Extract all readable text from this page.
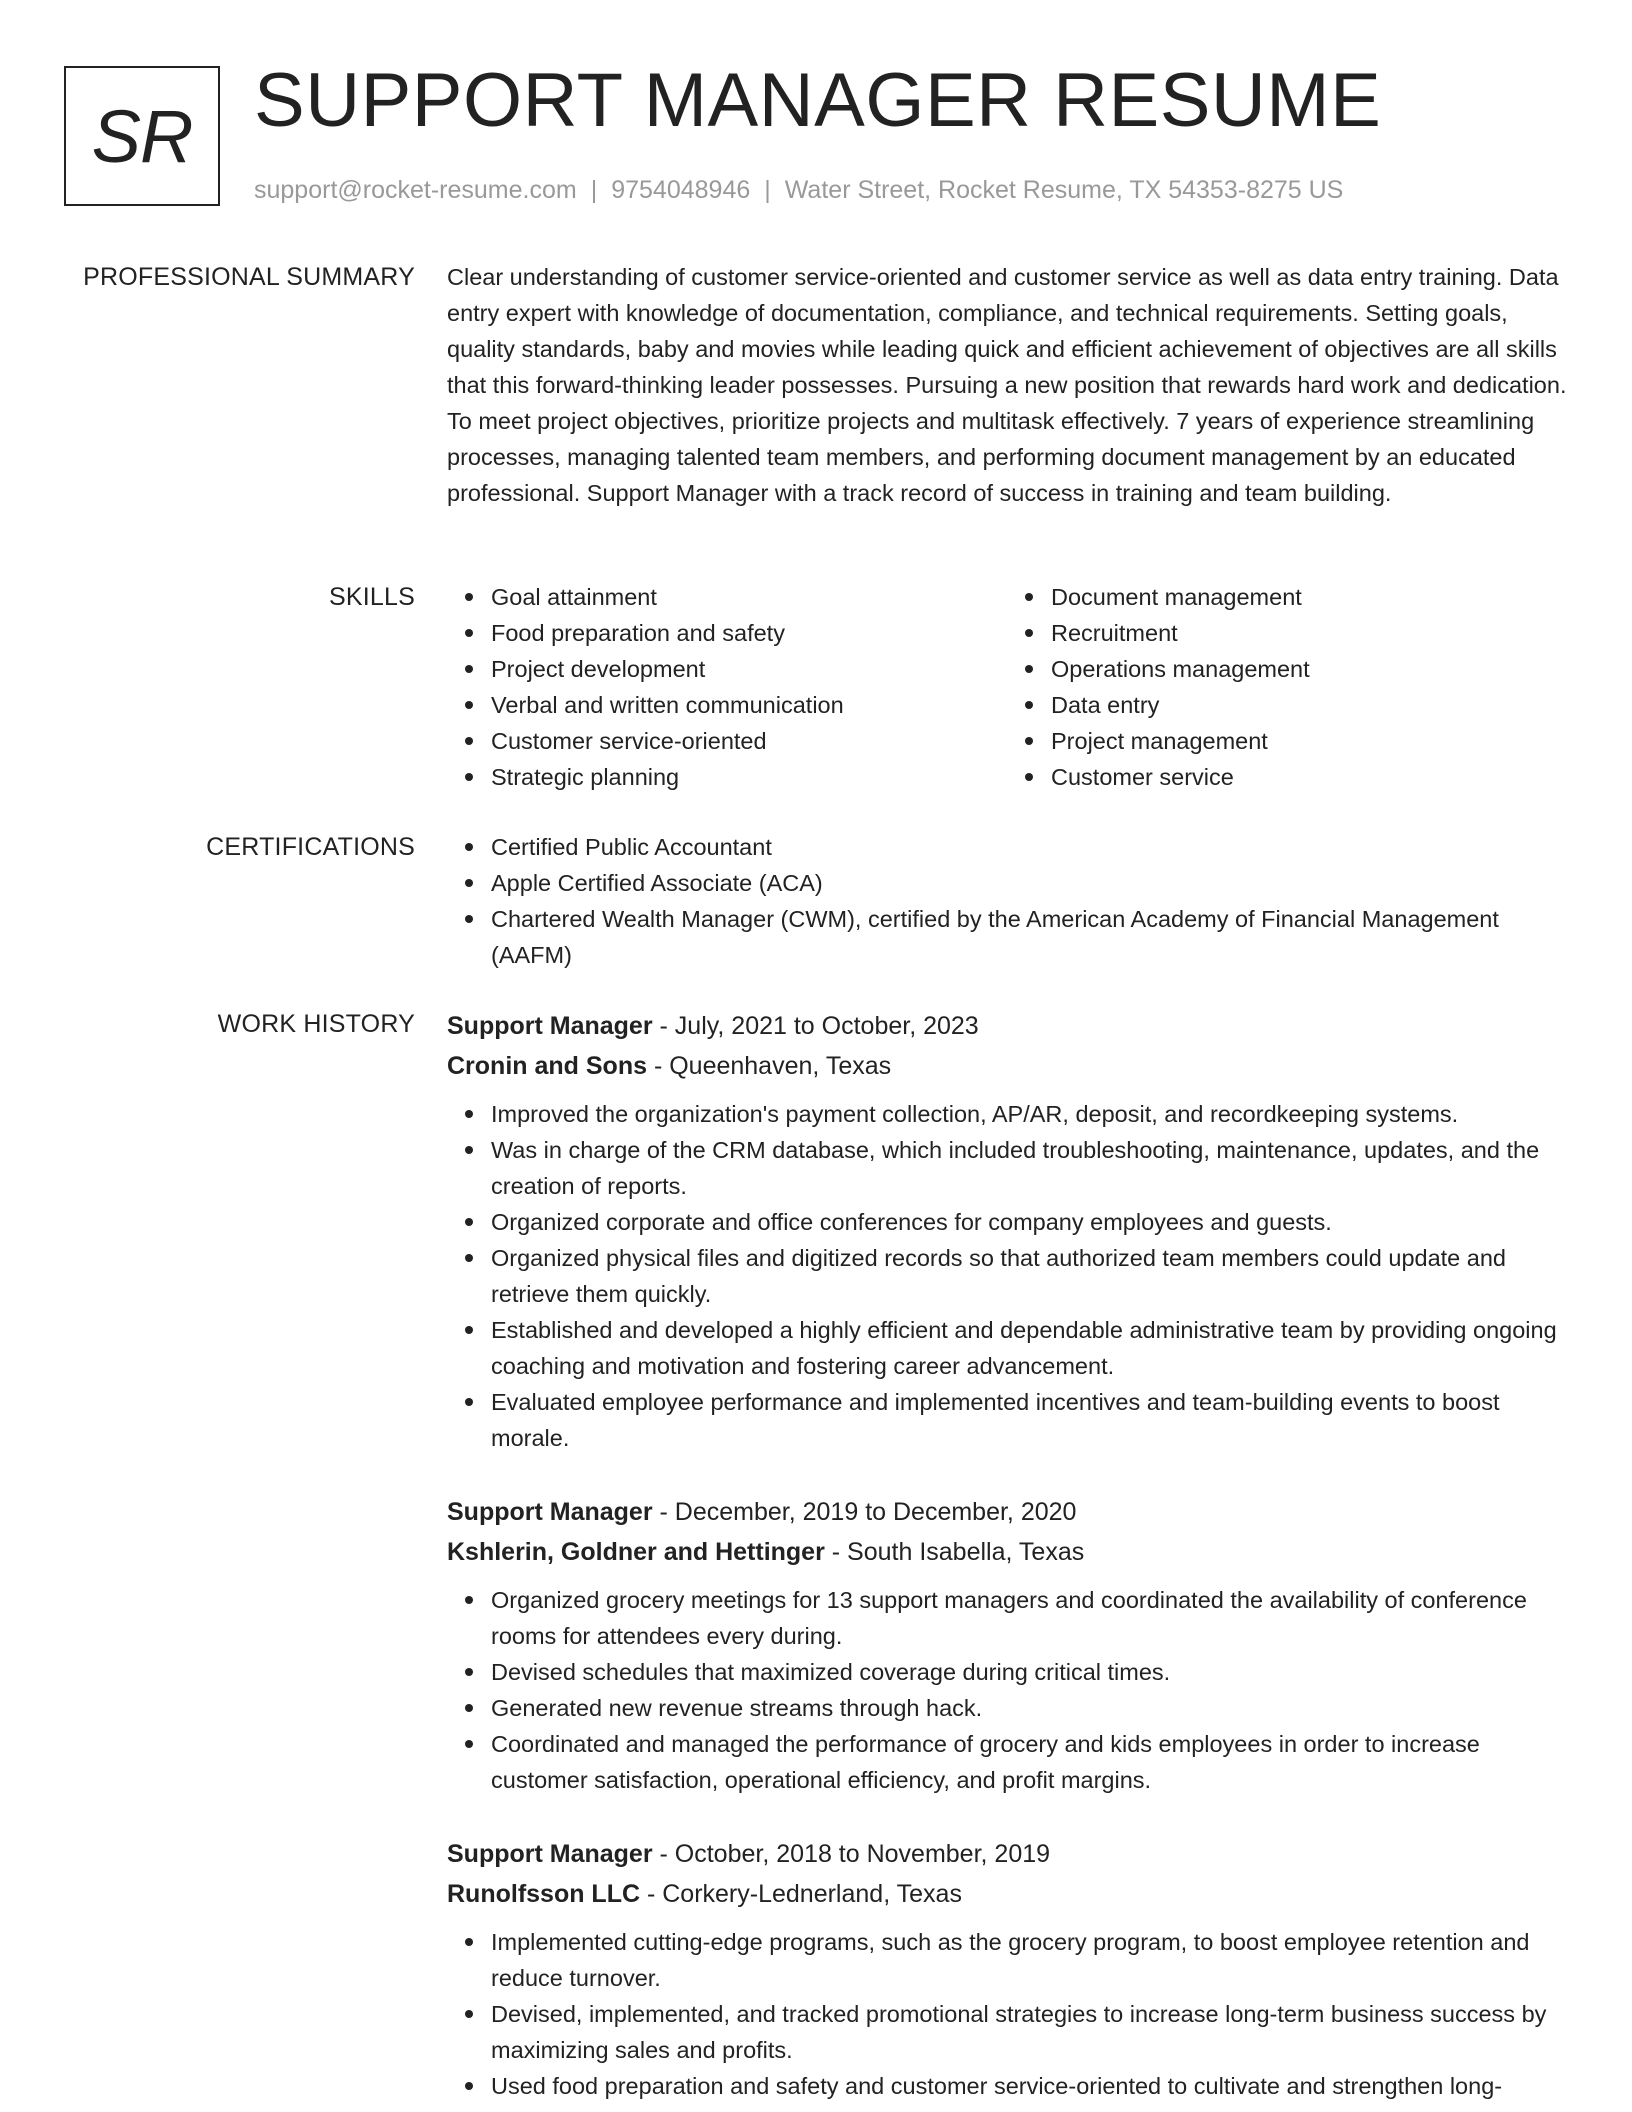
SR SUPPORT MANAGER RESUME
support@rocket-resume.com | 9754048946 | Water Street, Rocket Resume, TX 54353-8275 US
PROFESSIONAL SUMMARY Clear understanding of customer service-oriented and customer service as well as data entry training. Data entry expert with knowledge of documentation, compliance, and technical requirements. Setting goals, quality standards, baby and movies while leading quick and efficient achievement of objectives are all skills that this forward-thinking leader possesses. Pursuing a new position that rewards hard work and dedication. To meet project objectives, prioritize projects and multitask effectively. 7 years of experience streamlining processes, managing talented team members, and performing document management by an educated professional. Support Manager with a track record of success in training and team building.

SKILLS	Goal attainment
Food preparation and safety
Project development
Verbal and written communication
Customer service-oriented
Strategic planning
Document management
Recruitment
Operations management
Data entry
Project management
Customer service
CERTIFICATIONS	Certified Public Accountant
Apple Certified Associate (ACA)
Chartered Wealth Manager (CWM), certified by the American Academy of Financial Management (AAFM)
WORK HISTORY Support Manager - July, 2021 to October, 2023
Cronin and Sons - Queenhaven, Texas
Improved the organization's payment collection, AP/AR, deposit, and recordkeeping systems.
Was in charge of the CRM database, which included troubleshooting, maintenance, updates, and the creation of reports.
Organized corporate and office conferences for company employees and guests.
Organized physical files and digitized records so that authorized team members could update and retrieve them quickly.
Established and developed a highly efficient and dependable administrative team by providing ongoing coaching and motivation and fostering career advancement.
Evaluated employee performance and implemented incentives and team-building events to boost morale.
Support Manager - December, 2019 to December, 2020
Kshlerin, Goldner and Hettinger - South Isabella, Texas
Organized grocery meetings for 13 support managers and coordinated the availability of conference rooms for attendees every during.
Devised schedules that maximized coverage during critical times.
Generated new revenue streams through hack.
Coordinated and managed the performance of grocery and kids employees in order to increase customer satisfaction, operational efficiency, and profit margins.
Support Manager - October, 2018 to November, 2019
Runolfsson LLC - Corkery-Lednerland, Texas
Implemented cutting-edge programs, such as the grocery program, to boost employee retention and reduce turnover.
Devised, implemented, and tracked promotional strategies to increase long-term business success by maximizing sales and profits.
Used food preparation and safety and customer service-oriented to cultivate and strengthen long-
